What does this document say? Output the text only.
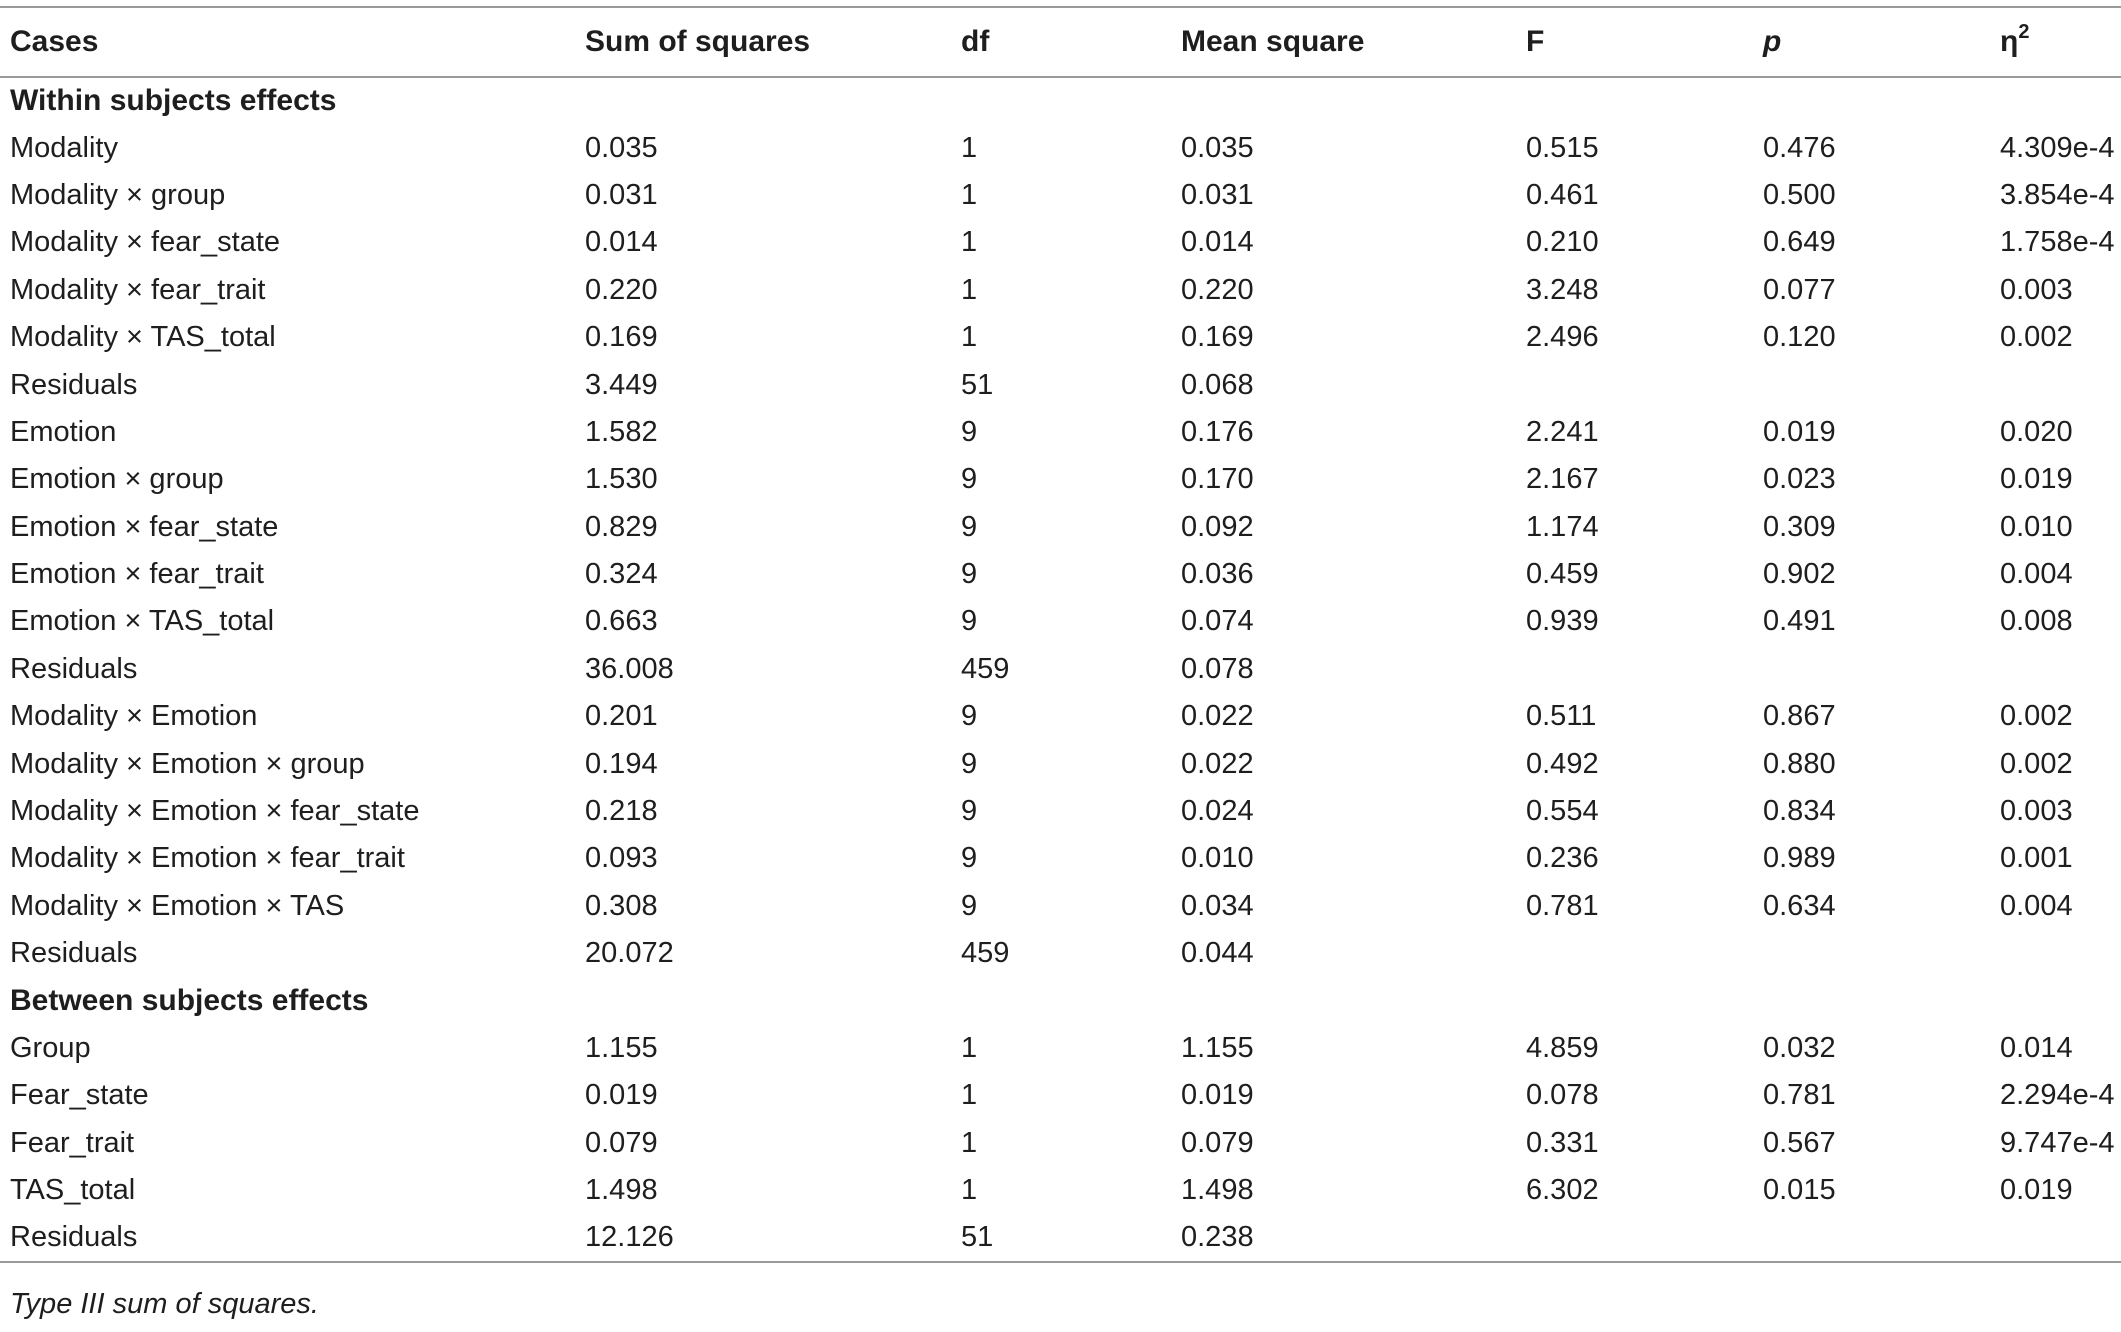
Cases	Sum of squares	df	Mean square	F	p	$\eta^2$
Within subjects effects						
Modality	0.035	1	0.035	0.515	0.476	4.309e-4
Modality × group	0.031	1	0.031	0.461	0.500	3.854e-4
Modality × fear_state	0.014	1	0.014	0.210	0.649	1.758e-4
Modality × fear_trait	0.220	1	0.220	3.248	0.077	0.003
Modality × TAS_total	0.169	1	0.169	2.496	0.120	0.002
Residuals	3.449	51	0.068			
Emotion	1.582	9	0.176	2.241	0.019	0.020
Emotion × group	1.530	9	0.170	2.167	0.023	0.019
Emotion × fear_state	0.829	9	0.092	1.174	0.309	0.010
Emotion × fear_trait	0.324	9	0.036	0.459	0.902	0.004
Emotion × TAS_total	0.663	9	0.074	0.939	0.491	0.008
Residuals	36.008	459	0.078			
Modality × Emotion	0.201	9	0.022	0.511	0.867	0.002
Modality × Emotion × group	0.194	9	0.022	0.492	0.880	0.002
Modality × Emotion × fear_state	0.218	9	0.024	0.554	0.834	0.003
Modality × Emotion × fear_trait	0.093	9	0.010	0.236	0.989	0.001
Modality × Emotion × TAS	0.308	9	0.034	0.781	0.634	0.004
Residuals	20.072	459	0.044			
Between subjects effects						
Group	1.155	1	1.155	4.859	0.032	0.014
Fear_state	0.019	1	0.019	0.078	0.781	2.294e-4
Fear_trait	0.079	1	0.079	0.331	0.567	9.747e-4
TAS_total	1.498	1	1.498	6.302	0.015	0.019
Residuals	12.126	51	0.238			
Type III sum of squares.
